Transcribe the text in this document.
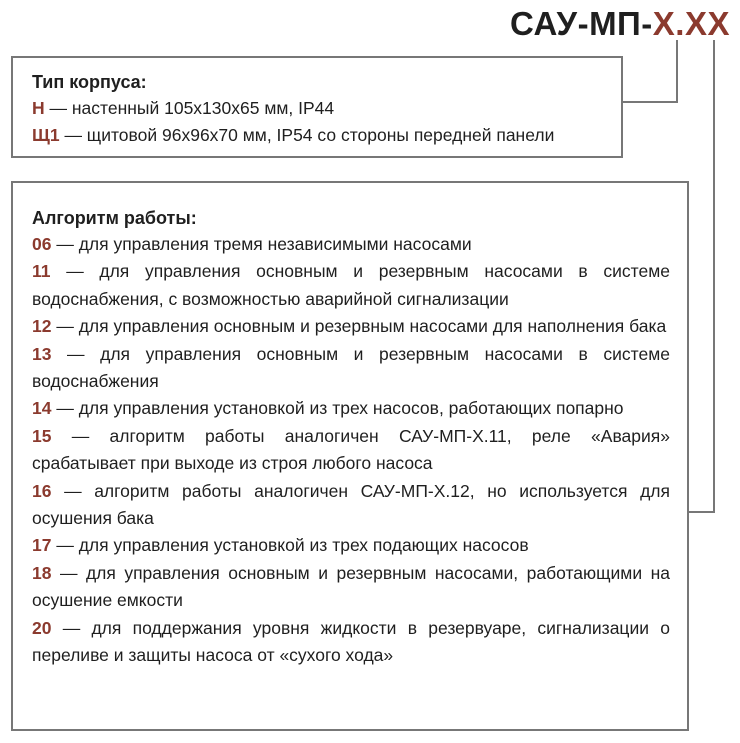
САУ-МП-Х.ХХ
Тип корпуса:
Н — настенный 105х130х65 мм, IP44
Щ1 — щитовой 96х96х70 мм, IP54 со стороны передней панели
Алгоритм работы:
06 — для управления тремя независимыми насосами
11 — для управления основным и резервным насосами в системе водоснабжения, с возможностью аварийной сигнализации
12 — для управления основным и резервным насосами для наполнения бака
13 — для управления основным и резервным насосами в системе водоснабжения
14 — для управления установкой из трех насосов, работающих попарно
15 — алгоритм работы аналогичен САУ-МП-Х.11, реле «Авария» срабатывает при выходе из строя любого насоса
16 — алгоритм работы аналогичен САУ-МП-Х.12, но используется для осушения бака
17 — для управления установкой из трех подающих насосов
18 — для управления основным и резервным насосами, работающими на осушение емкости
20 — для поддержания уровня жидкости в резервуаре, сигнализации о переливе и защиты насоса от «сухого хода»
